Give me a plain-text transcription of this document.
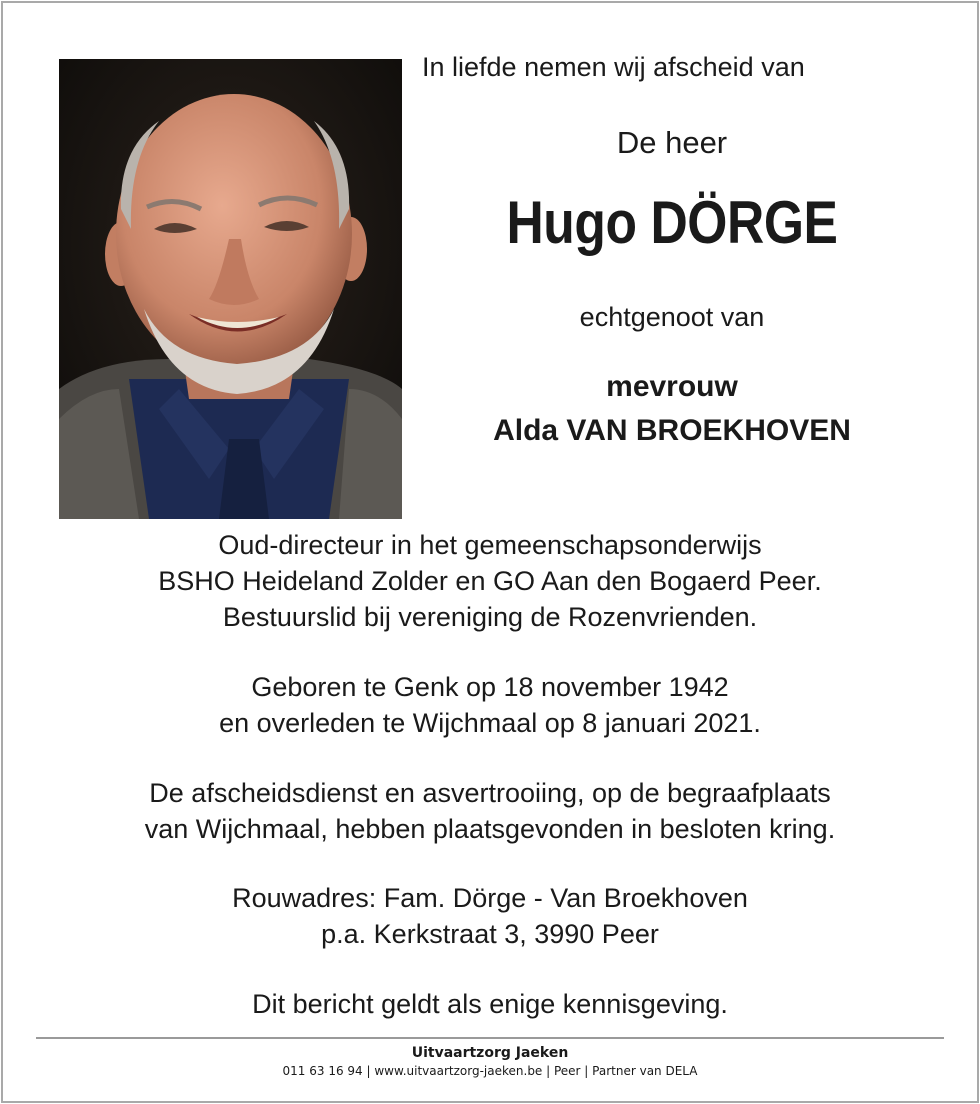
In liefde nemen wij afscheid van
De heer
Hugo DÖRGE
echtgenoot van
mevrouw
Alda VAN BROEKHOVEN

Oud-directeur in het gemeenschapsonderwijs

BSHO Heideland Zolder en GO Aan den Bogaerd Peer.

Bestuurslid bij vereniging de Rozenvrienden.

Geboren te Genk op 18 november 1942

en overleden te Wijchmaal op 8 januari 2021.

De afscheidsdienst en asvertrooiing, op de begraafplaats

van Wijchmaal, hebben plaatsgevonden in besloten kring.

Rouwadres: Fam. Dörge - Van Broekhoven

p.a. Kerkstraat 3, 3990 Peer

Dit bericht geldt als enige kennisgeving.

Uitvaartzorg Jaeken
011 63 16 94 | www.uitvaartzorg-jaeken.be | Peer | Partner van DELA
